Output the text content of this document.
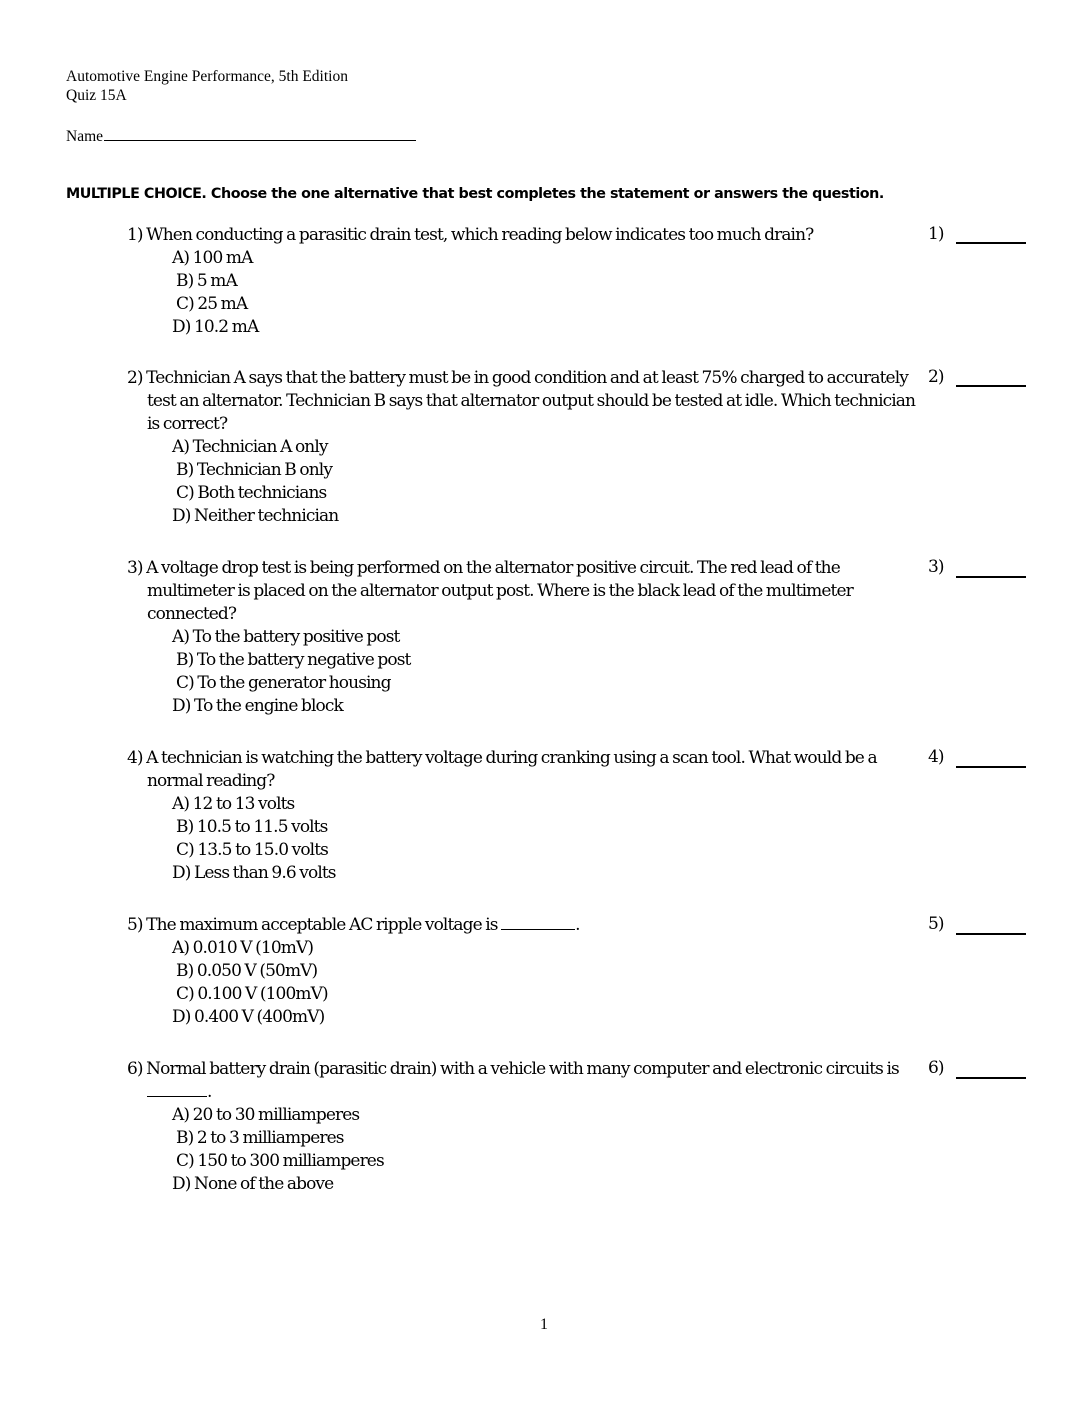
Automotive Engine Performance, 5th Edition
Quiz 15A
Name
MULTIPLE CHOICE. Choose the one alternative that best completes the statement or answers the question.
1) When conducting a parasitic drain test, which reading below indicates too much drain?
A) 100 mA
B) 5 mA
C) 25 mA
D) 10.2 mA
1)
2) Technician A says that the battery must be in good condition and at least 75% charged to accurately test an alternator. Technician B says that alternator output should be tested at idle. Which technician is correct?
A) Technician A only
B) Technician B only
C) Both technicians
D) Neither technician
2)
3) A voltage drop test is being performed on the alternator positive circuit. The red lead of the multimeter is placed on the alternator output post. Where is the black lead of the multimeter connected?
A) To the battery positive post
B) To the battery negative post
C) To the generator housing
D) To the engine block
3)
4) A technician is watching the battery voltage during cranking using a scan tool. What would be a normal reading?
A) 12 to 13 volts
B) 10.5 to 11.5 volts
C) 13.5 to 15.0 volts
D) Less than 9.6 volts
4)
5) The maximum acceptable AC ripple voltage is	.
A) 0.010 V (10mV)
B) 0.050 V (50mV)
C) 0.100 V (100mV)
D) 0.400 V (400mV)
5)
6) Normal battery drain (parasitic drain) with a vehicle with many computer and electronic circuits is .
A) 20 to 30 milliamperes
B) 2 to 3 milliamperes
C) 150 to 300 milliamperes
D) None of the above
6)
1
